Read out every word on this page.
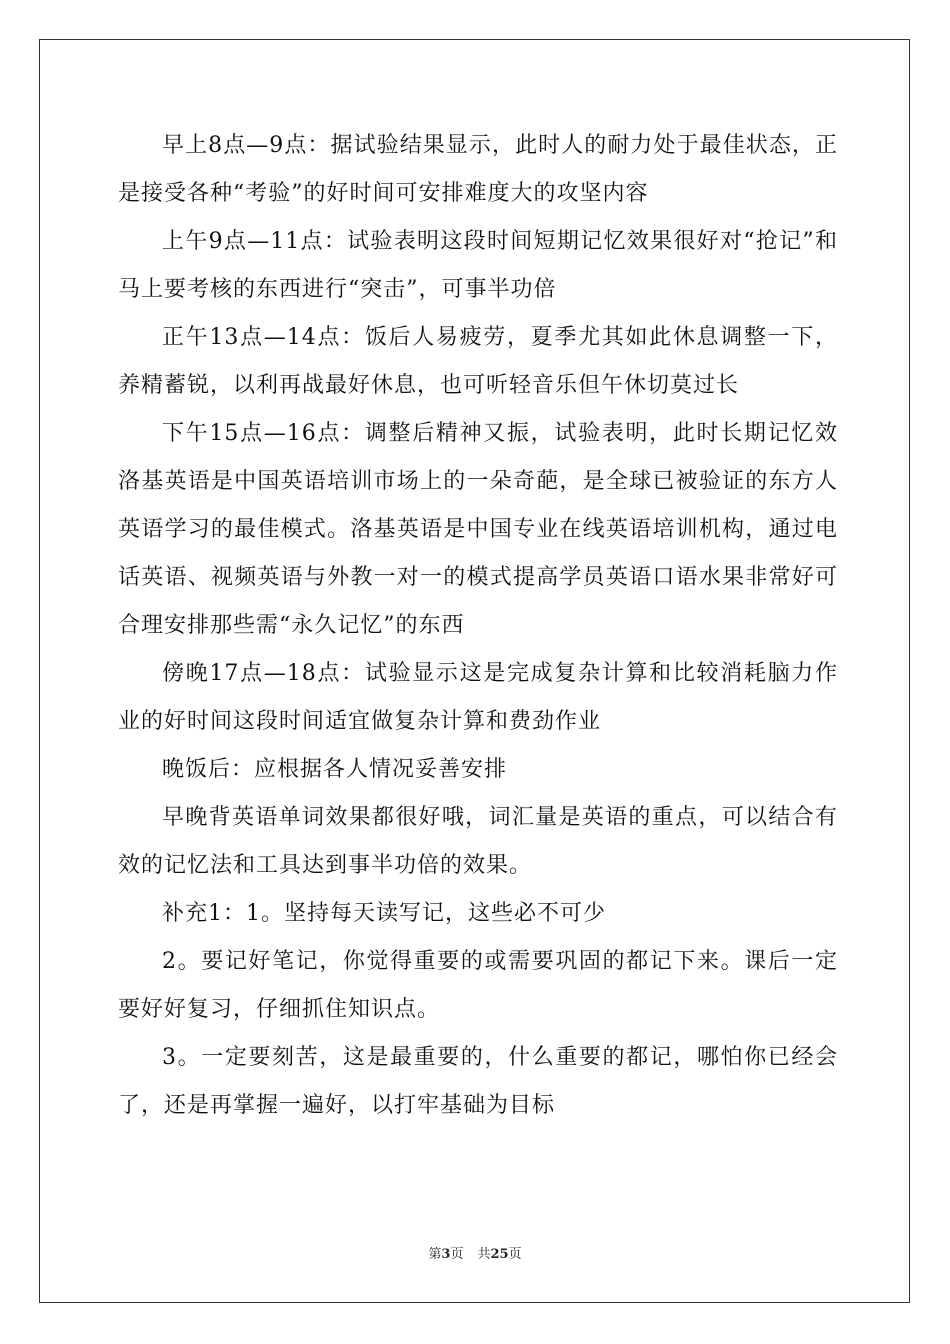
早上8点—9点：据试验结果显示，此时人的耐力处于最佳状态，正是接受各种“考验”的好时间可安排难度大的攻坚内容

上午9点—11点：试验表明这段时间短期记忆效果很好对“抢记”和马上要考核的东西进行“突击”，可事半功倍

正午13点—14点：饭后人易疲劳，夏季尤其如此休息调整一下，养精蓄锐，以利再战最好休息，也可听轻音乐但午休切莫过长

下午15点—16点：调整后精神又振，试验表明，此时长期记忆效洛基英语是中国英语培训市场上的一朵奇葩，是全球已被验证的东方人英语学习的最佳模式。洛基英语是中国专业在线英语培训机构，通过电话英语、视频英语与外教一对一的模式提高学员英语口语水果非常好可合理安排那些需“永久记忆”的东西

傍晚17点—18点：试验显示这是完成复杂计算和比较消耗脑力作业的好时间这段时间适宜做复杂计算和费劲作业

晚饭后：应根据各人情况妥善安排

早晚背英语单词效果都很好哦，词汇量是英语的重点，可以结合有效的记忆法和工具达到事半功倍的效果。

补充1：1。坚持每天读写记，这些必不可少

2。要记好笔记，你觉得重要的或需要巩固的都记下来。课后一定要好好复习，仔细抓住知识点。

3。一定要刻苦，这是最重要的，什么重要的都记，哪怕你已经会了，还是再掌握一遍好，以打牢基础为目标

第3页 共25页
